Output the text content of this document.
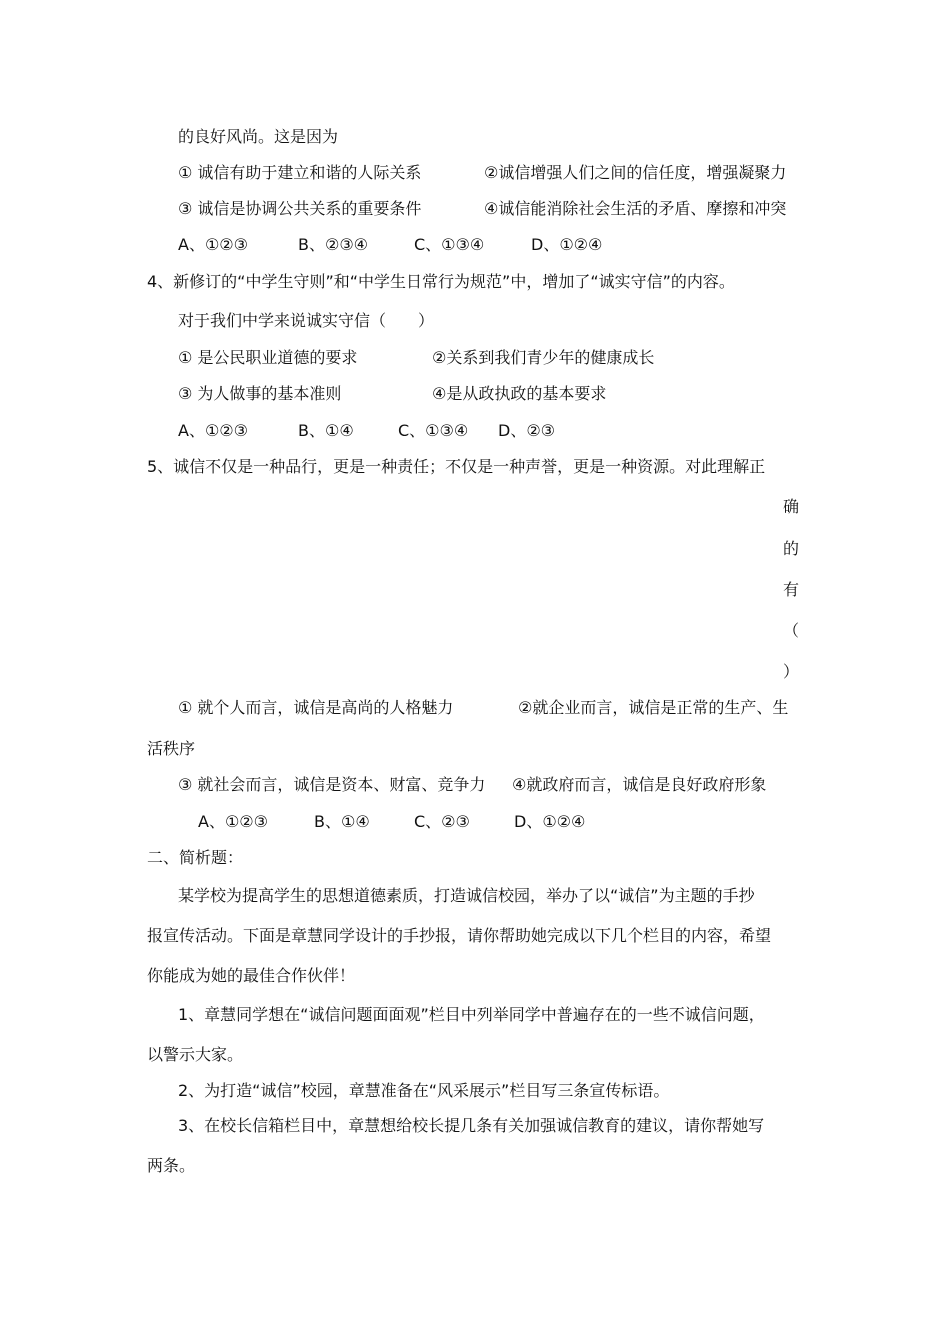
的良好风尚。这是因为
① 诚信有助于建立和谐的人际关系	②诚信增强人们之间的信任度，增强凝聚力
③ 诚信是协调公共关系的重要条件	④诚信能消除社会生活的矛盾、摩擦和冲突
A、①②③	B、②③④	C、①③④	D、①②④
4、新修订的“中学生守则”和“中学生日常行为规范”中，增加了“诚实守信”的内容。
对于我们中学来说诚实守信（　　）
① 是公民职业道德的要求	②关系到我们青少年的健康成长
③ 为人做事的基本准则	④是从政执政的基本要求
A、①②③	B、①④	C、①③④ D、②③
5、诚信不仅是一种品行，更是一种责任；不仅是一种声誉，更是一种资源。对此理解正
确
的
有
（
）
① 就个人而言，诚信是高尚的人格魅力	②就企业而言，诚信是正常的生产、生
活秩序
③ 就社会而言，诚信是资本、财富、竞争力 ④就政府而言，诚信是良好政府形象
A、①②③	B、①④	C、②③	D、①②④
二、简析题：
某学校为提高学生的思想道德素质，打造诚信校园，举办了以“诚信”为主题的手抄
报宣传活动。下面是章慧同学设计的手抄报，请你帮助她完成以下几个栏目的内容，希望
你能成为她的最佳合作伙伴！
1、章慧同学想在“诚信问题面面观”栏目中列举同学中普遍存在的一些不诚信问题，
以警示大家。
2、为打造“诚信”校园，章慧准备在“风采展示”栏目写三条宣传标语。
3、在校长信箱栏目中，章慧想给校长提几条有关加强诚信教育的建议，请你帮她写
两条。
